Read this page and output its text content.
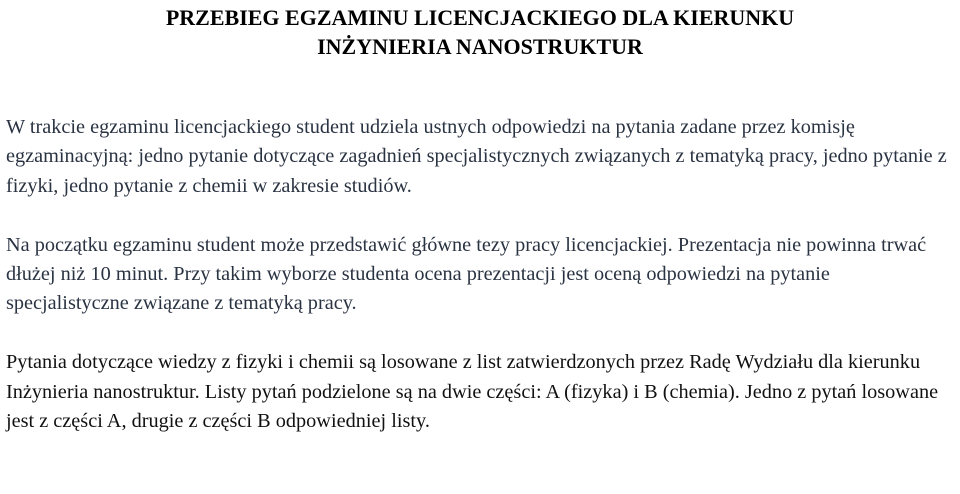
PRZEBIEG EGZAMINU LICENCJACKIEGO DLA KIERUNKU
INŻYNIERIA NANOSTRUKTUR

W trakcie egzaminu licencjackiego student udziela ustnych odpowiedzi na pytania zadane przez komisję egzaminacyjną: jedno pytanie dotyczące zagadnień specjalistycznych związanych z tematyką pracy, jedno pytanie z fizyki, jedno pytanie z chemii w zakresie studiów.

Na początku egzaminu student może przedstawić główne tezy pracy licencjackiej. Prezentacja nie powinna trwać dłużej niż 10 minut. Przy takim wyborze studenta ocena prezentacji jest oceną odpowiedzi na pytanie specjalistyczne związane z tematyką pracy.

Pytania dotyczące wiedzy z fizyki i chemii są losowane z list zatwierdzonych przez Radę Wydziału dla kierunku Inżynieria nanostruktur. Listy pytań podzielone są na dwie części: A (fizyka) i B (chemia). Jedno z pytań losowane jest z części A, drugie z części B odpowiedniej listy.
